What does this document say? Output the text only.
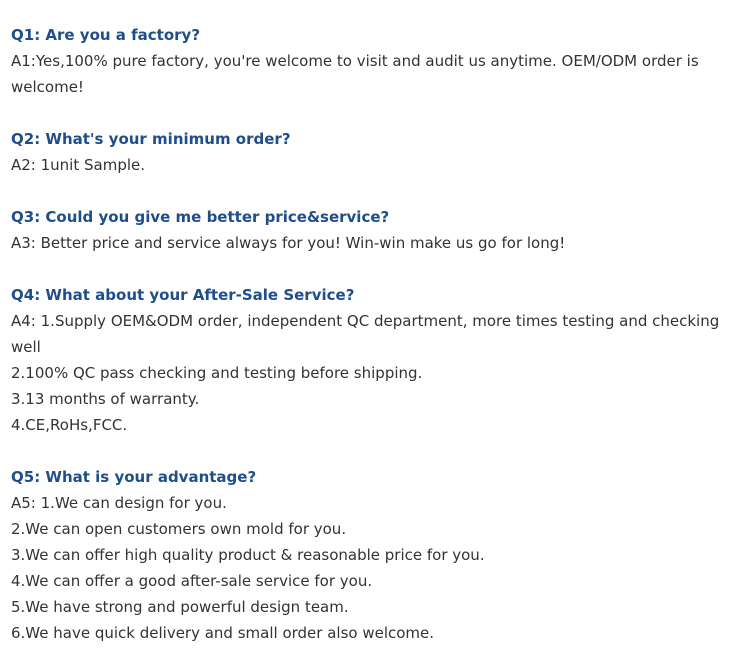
Q1: Are you a factory?

A1:Yes,100% pure factory, you're welcome to visit and audit us anytime. OEM/ODM order is welcome!

Q2: What's your minimum order?

A2: 1unit Sample.

Q3: Could you give me better price&service?

A3: Better price and service always for you! Win-win make us go for long!

Q4: What about your After-Sale Service?

A4: 1.Supply OEM&ODM order, independent QC department, more times testing and checking well

2.100% QC pass checking and testing before shipping.

3.13 months of warranty.

4.CE,RoHs,FCC.

Q5: What is your advantage?

A5: 1.We can design for you.

2.We can open customers own mold for you.

3.We can offer high quality product & reasonable price for you.

4.We can offer a good after-sale service for you.

5.We have strong and powerful design team.

6.We have quick delivery and small order also welcome.
